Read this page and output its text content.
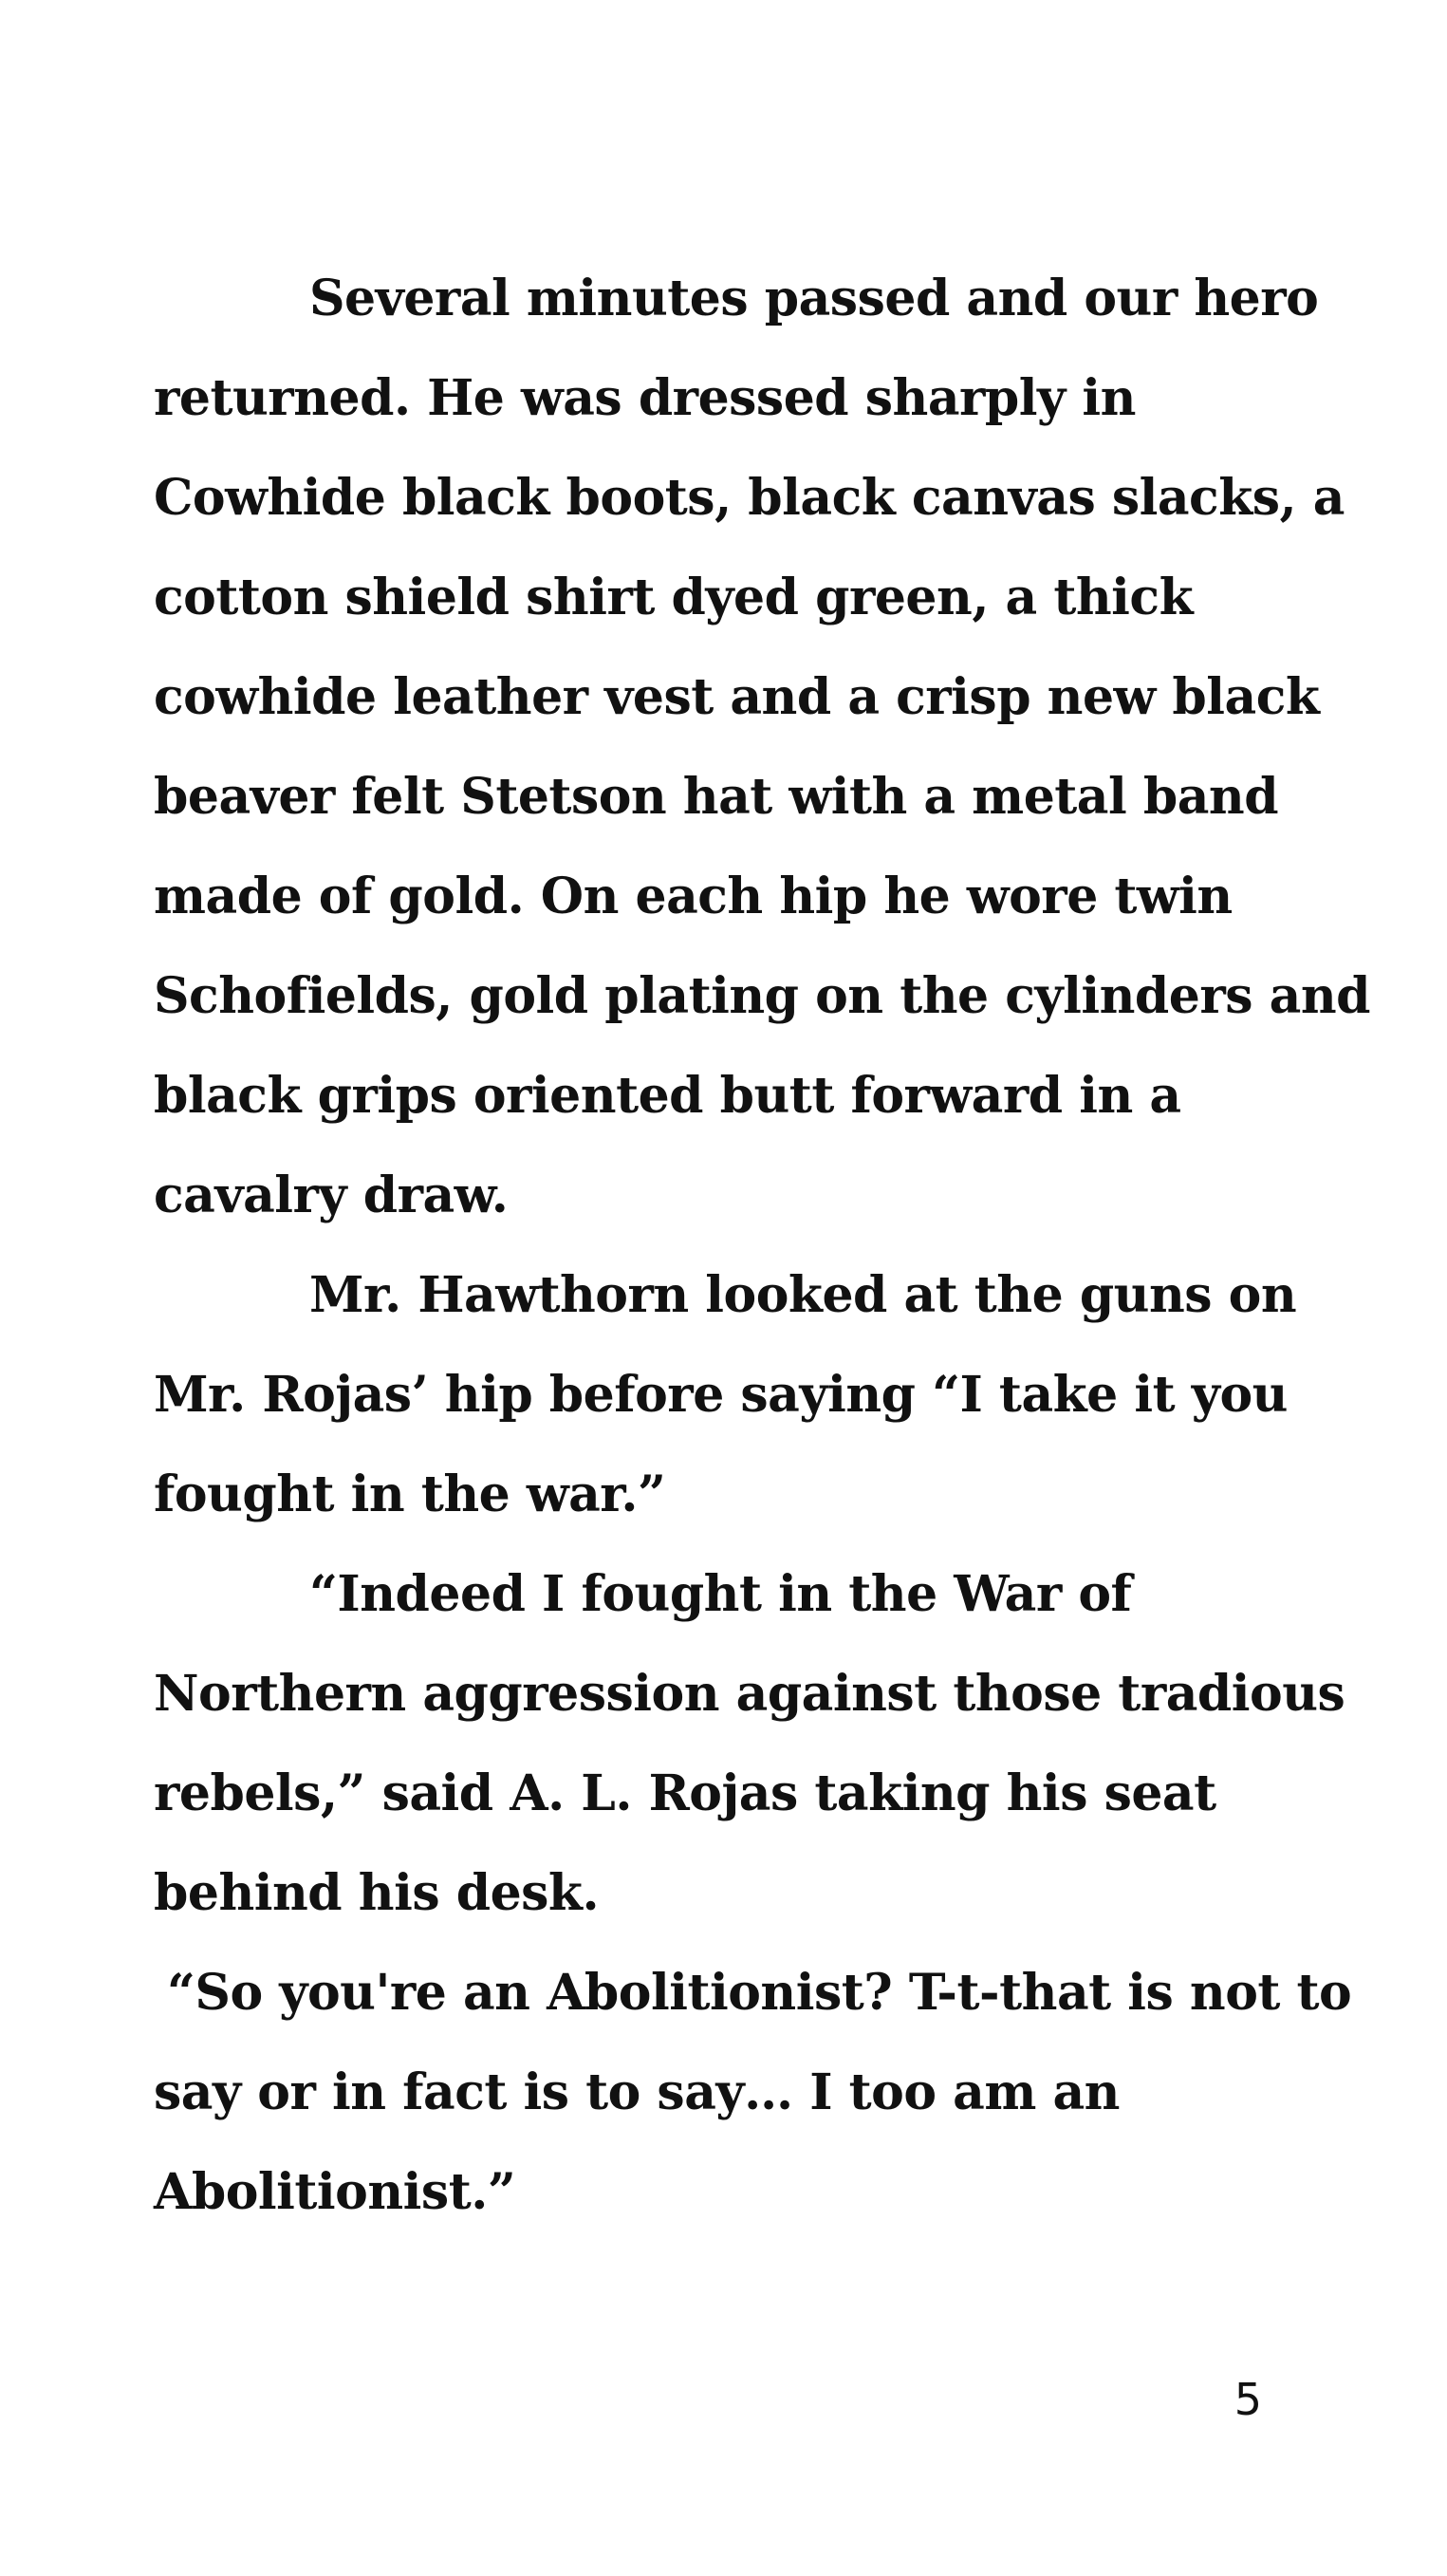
Several minutes passed and our hero
returned. He was dressed sharply in
Cowhide black boots, black canvas slacks, a
cotton shield shirt dyed green, a thick
cowhide leather vest and a crisp new black
beaver felt Stetson hat with a metal band
made of gold. On each hip he wore twin
Schofields, gold plating on the cylinders and
black grips oriented butt forward in a
cavalry draw.
Mr. Hawthorn looked at the guns on
Mr. Rojas’ hip before saying “I take it you
fought in the war.”
“Indeed I fought in the War of
Northern aggression against those tradious
rebels,” said A. L. Rojas taking his seat
behind his desk.
“So you're an Abolitionist? T-t-that is not to
say or in fact is to say… I too am an
Abolitionist.”
5
